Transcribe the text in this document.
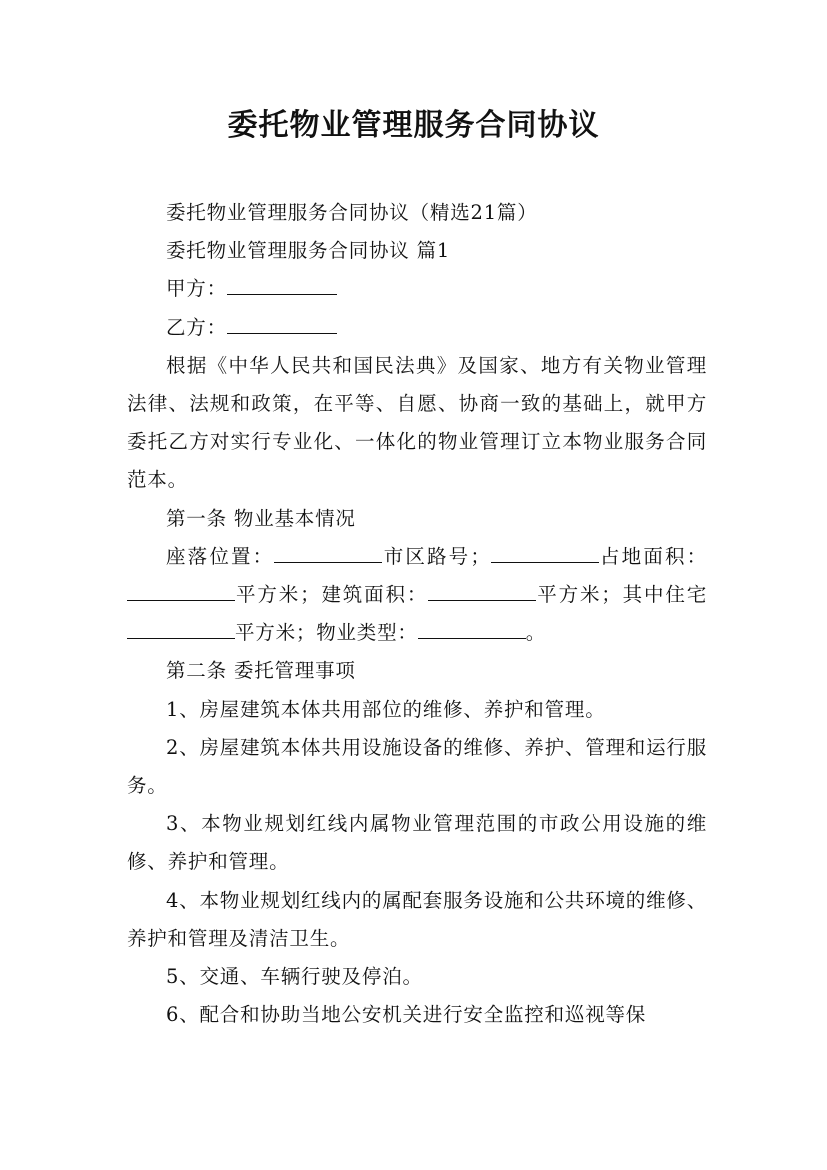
委托物业管理服务合同协议

委托物业管理服务合同协议（精选21篇）

委托物业管理服务合同协议 篇1

甲方：

乙方：

根据《中华人民共和国民法典》及国家、地方有关物业管理法律、法规和政策，在平等、自愿、协商一致的基础上，就甲方委托乙方对实行专业化、一体化的物业管理订立本物业服务合同范本。

第一条 物业基本情况

座落位置：	市区路号；	占地面积：平方米；建筑面积：	平方米；其中住宅平方米；物业类型：	。

第二条 委托管理事项

1、房屋建筑本体共用部位的维修、养护和管理。

2、房屋建筑本体共用设施设备的维修、养护、管理和运行服务。

3、本物业规划红线内属物业管理范围的市政公用设施的维修、养护和管理。

4、本物业规划红线内的属配套服务设施和公共环境的维修、养护和管理及清洁卫生。

5、交通、车辆行驶及停泊。

6、配合和协助当地公安机关进行安全监控和巡视等保
